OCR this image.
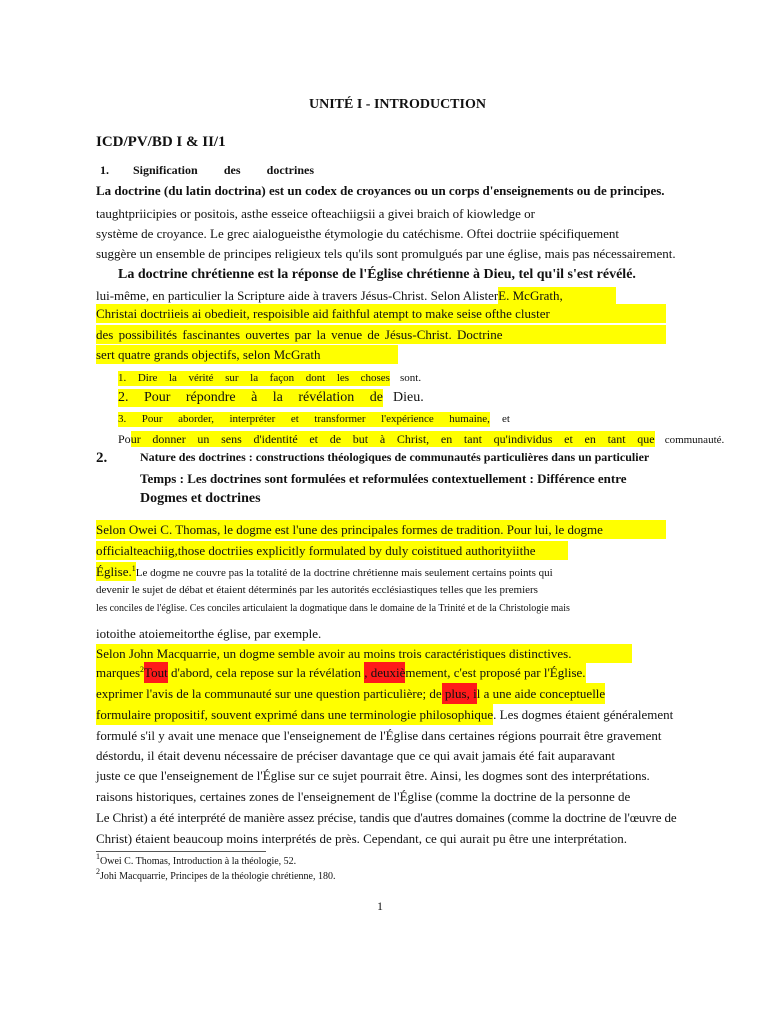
UNITÉ I - INTRODUCTION
ICD/PV/BD I & II/1
1. Signification des doctrines
La doctrine (du latin doctrina) est un codex de croyances ou un corps d'enseignements ou de principes.
taughtpriicipies or positois, asthe esseice ofteachiigsii a givei braich of kiowledge or
système de croyance. Le grec aialogueisthe étymologie du catéchisme. Oftei doctriie spécifiquement
suggère un ensemble de principes religieux tels qu'ils sont promulgués par une église, mais pas nécessairement.
La doctrine chrétienne est la réponse de l'Église chrétienne à Dieu, tel qu'il s'est révélé.
lui-même, en particulier la Scripture aide à travers Jésus-Christ. Selon AlisterE. McGrath,
Christai doctriieis ai obedieit, respoisible aid faithful atempt to make seise ofthe cluster
des possibilités fascinantes ouvertes par la venue de Jésus-Christ. Doctrine
sert quatre grands objectifs, selon McGrath
1. Dire la vérité sur la façon dont les choses sont.
2. Pour répondre à la révélation de Dieu.
3. Pour aborder, interpréter et transformer l'expérience humaine, et
Po ur donner un sens d'identité et de but à Christ, en tant qu'individus et en tant que communauté.
2.	Nature des doctrines : constructions théologiques de communautés particulières dans un particulier
Temps : Les doctrines sont formulées et reformulées contextuellement : Différence entre
Dogmes et doctrines
Selon Owei C. Thomas, le dogme est l'une des principales formes de tradition. Pour lui, le dogme
officialteachiig,those doctriies explicitly formulated by duly coistitued authorityiithe
Église.$^1$Le dogme ne couvre pas la totalité de la doctrine chrétienne mais seulement certains points qui
devenir le sujet de débat et étaient déterminés par les autorités ecclésiastiques telles que les premiers
les conciles de l'église. Ces conciles articulaient la dogmatique dans le domaine de la Trinité et de la Christologie mais
iotoithe atoiemeitorthe église, par exemple.
Selon John Macquarrie, un dogme semble avoir au moins trois caractéristiques distinctives.
marques$^2$Tout d'abord, cela repose sur la révélation , deuxièmement, c'est proposé par l'Église.
exprimer l'avis de la communauté sur une question particulière; de plus, il a une aide conceptuelle
formulaire propositif, souvent exprimé dans une terminologie philosophique. Les dogmes étaient généralement
formulé s'il y avait une menace que l'enseignement de l'Église dans certaines régions pourrait être gravement
déstordu, il était devenu nécessaire de préciser davantage que ce qui avait jamais été fait auparavant
juste ce que l'enseignement de l'Église sur ce sujet pourrait être. Ainsi, les dogmes sont des interprétations.
raisons historiques, certaines zones de l'enseignement de l'Église (comme la doctrine de la personne de
Le Christ) a été interprété de manière assez précise, tandis que d'autres domaines (comme la doctrine de l'œuvre de
Christ) étaient beaucoup moins interprétés de près. Cependant, ce qui aurait pu être une interprétation.
$^1$Owei C. Thomas, Introduction à la théologie, 52.
$^2$Johi Macquarrie, Principes de la théologie chrétienne, 180.
1
